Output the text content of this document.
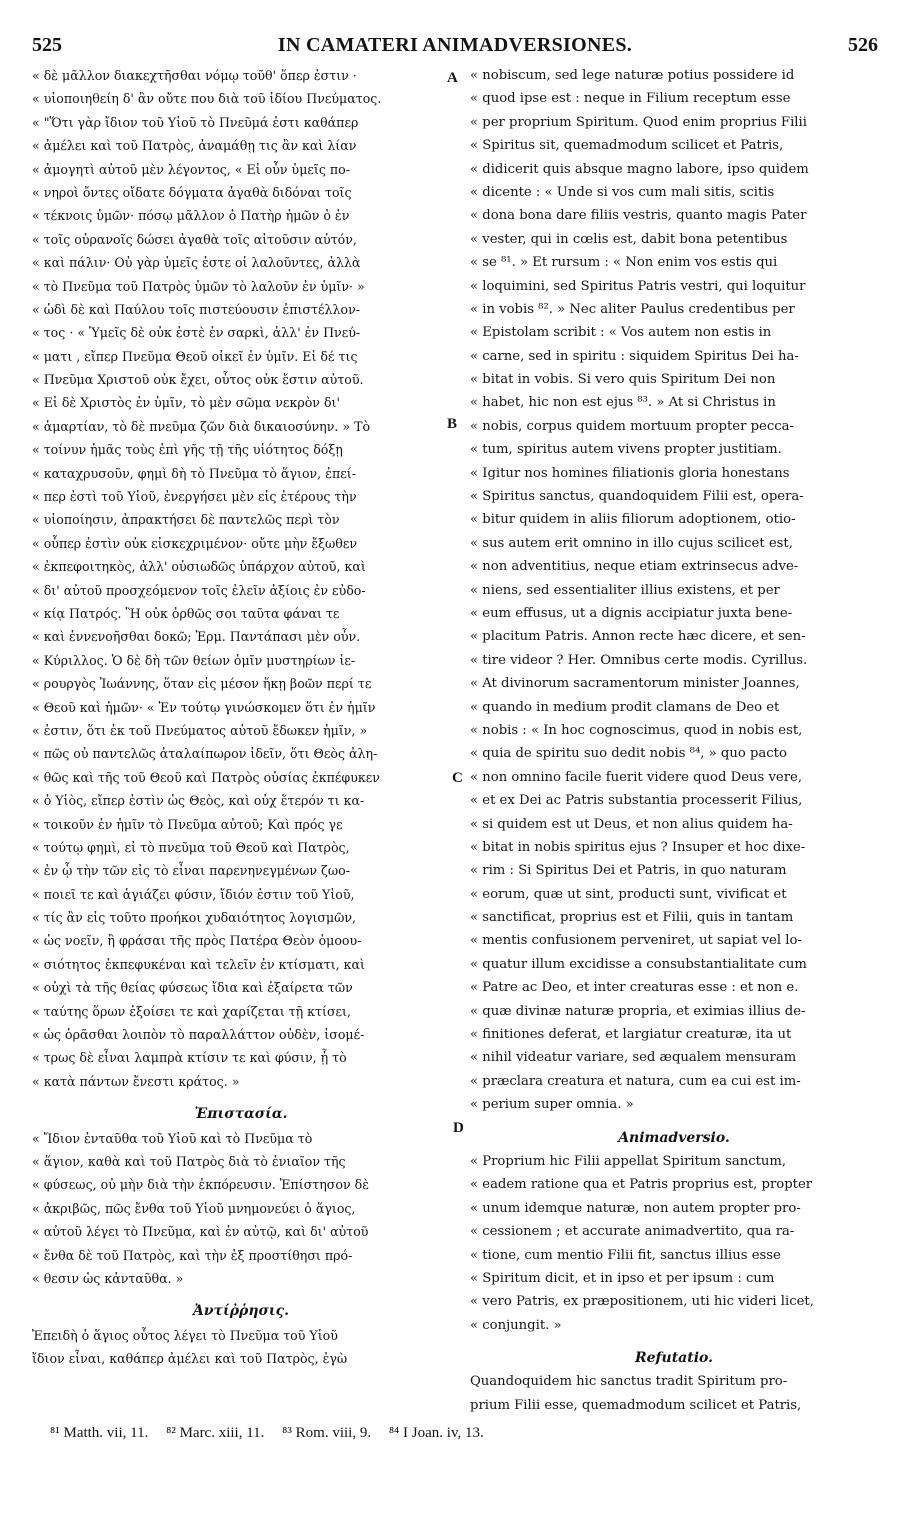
525	IN CAMATERI ANIMADVERSIONES.	526
« δὲ μᾶλλον διακεχτῆσθαι νόμῳ τοῦθ' ὅπερ ἐστιν ·
« υἱοποιηθείη δ' ἂν οὔτε που διὰ τοῦ ἰδίου Πνεύματος.
« "Ὅτι γὰρ ἴδιον τοῦ Υἱοῦ τὸ Πνεῦμά ἐστι καθάπερ
« ἀμέλει καὶ τοῦ Πατρὸς, ἀναμάθῃ τις ἂν καὶ λίαν
« ἀμογητὶ αὐτοῦ μὲν λέγοντος, « Εἰ οὖν ὑμεῖς πο-
« νηροὶ ὄντες οἴδατε δόγματα ἀγαθὰ διδόναι τοῖς
« τέκνοις ὑμῶν· πόσῳ μᾶλλον ὁ Πατὴρ ἡμῶν ὁ ἐν
« τοῖς οὐρανοῖς δώσει ἀγαθὰ τοῖς αἰτοῦσιν αὐτόν,
« καὶ πάλιν· Οὐ γὰρ ὑμεῖς ἐστε οἱ λαλοῦντες, ἀλλὰ
« τὸ Πνεῦμα τοῦ Πατρὸς ὑμῶν τὸ λαλοῦν ἐν ὑμῖν· »
« ὡδὶ δὲ καὶ Παύλου τοῖς πιστεύουσιν ἐπιστέλλον-
« τος · « Ὑμεῖς δὲ οὐκ ἐστὲ ἐν σαρκὶ, ἀλλ' ἐν Πνεύ-
« ματι , εἴπερ Πνεῦμα Θεοῦ οἰκεῖ ἐν ὑμῖν. Εἰ δέ τις
« Πνεῦμα Χριστοῦ οὐκ ἔχει, οὗτος οὐκ ἔστιν αὐτοῦ.
« Εἰ δὲ Χριστὸς ἐν ὑμῖν, τὸ μὲν σῶμα νεκρὸν δι'
« ἁμαρτίαν, τὸ δὲ πνεῦμα ζῶν διὰ δικαιοσύνην. » Τὸ
« τοίνυν ἡμᾶς τοὺς ἐπὶ γῆς τῇ τῆς υἱότητος δόξῃ
« καταχρυσοῦν, φημὶ δὴ τὸ Πνεῦμα τὸ ἅγιον, ἐπεί-
« περ ἐστὶ τοῦ Υἱοῦ, ἐνεργήσει μὲν εἰς ἑτέρους τὴν
« υἱοποίησιν, ἀπρακτήσει δὲ παντελῶς περὶ τὸν
« οὗπερ ἐστὶν οὐκ εἰσκεχριμένον· οὔτε μὴν ἔξωθεν
« ἐκπεφοιτηκὸς, ἀλλ' οὐσιωδῶς ὑπάρχον αὐτοῦ, καὶ
« δι' αὐτοῦ προσχεόμενον τοῖς ἐλεῖν ἀξίοις ἐν εὐδο-
« κίᾳ Πατρός. Ἢ οὐκ ὀρθῶς σοι ταῦτα φάναι τε
« καὶ ἐννενοῆσθαι δοκῶ; Ἑρμ. Παντάπασι μὲν οὖν.
« Κύριλλος. Ὁ δὲ δὴ τῶν θείων ὁμῖν μυστηρίων ἱε-
« ρουργὸς Ἰωάννης, ὅταν εἰς μέσον ἥκῃ βοῶν περί τε
« Θεοῦ καὶ ἡμῶν· « Ἐν τούτῳ γινώσκομεν ὅτι ἐν ἡμῖν
« ἐστιν, ὅτι ἐκ τοῦ Πνεύματος αὐτοῦ ἔδωκεν ἡμῖν, »
« πῶς οὐ παντελῶς ἀταλαίπωρον ἰδεῖν, ὅτι Θεὸς ἀλη-
« θῶς καὶ τῆς τοῦ Θεοῦ καὶ Πατρὸς οὐσίας ἐκπέφυκεν
« ὁ Υἱὸς, εἴπερ ἐστὶν ὡς Θεὸς, καὶ οὐχ ἕτερόν τι κα-
« τοικοῦν ἐν ἡμῖν τὸ Πνεῦμα αὐτοῦ; Καὶ πρός γε
« τούτῳ φημὶ, εἰ τὸ πνεῦμα τοῦ Θεοῦ καὶ Πατρὸς,
« ἐν ᾧ τὴν τῶν εἰς τὸ εἶναι παρενηνεγμένων ζωο-
« ποιεῖ τε καὶ ἁγιάζει φύσιν, ἴδιόν ἐστιν τοῦ Υἱοῦ,
« τίς ἂν εἰς τοῦτο προήκοι χυδαιότητος λογισμῶν,
« ὡς νοεῖν, ἢ φράσαι τῆς πρὸς Πατέρα Θεὸν ὁμοου-
« σιότητος ἐκπεφυκέναι καὶ τελεῖν ἐν κτίσματι, καὶ
« οὐχὶ τὰ τῆς θείας φύσεως ἴδια καὶ ἐξαίρετα τῶν
« ταύτης ὅρων ἐξοίσει τε καὶ χαρίζεται τῇ κτίσει,
« ὡς ὁρᾶσθαι λοιπὸν τὸ παραλλάττον οὐδὲν, ἰσομέ-
« τρως δὲ εἶναι λαμπρὰ κτίσιν τε καὶ φύσιν, ᾗ τὸ
« κατὰ πάντων ἔνεστι κράτος. »
Ἐπιστασία.
« Ἴδιον ἐνταῦθα τοῦ Υἱοῦ καὶ τὸ Πνεῦμα τὸ
« ἅγιον, καθὰ καὶ τοῦ Πατρὸς διὰ τὸ ἑνιαῖον τῆς
« φύσεως, οὐ μὴν διὰ τὴν ἐκπόρευσιν. Ἐπίστησον δὲ
« ἀκριβῶς, πῶς ἔνθα τοῦ Υἱοῦ μνημονεύει ὁ ἅγιος,
« αὐτοῦ λέγει τὸ Πνεῦμα, καὶ ἐν αὐτῷ, καὶ δι' αὐτοῦ
« ἔνθα δὲ τοῦ Πατρὸς, καὶ τὴν ἐξ προστίθησι πρό-
« θεσιν ὡς κἀνταῦθα. »
Ἀντίῤῥησις.
Ἐπειδὴ ὁ ἅγιος οὗτος λέγει τὸ Πνεῦμα τοῦ Υἱοῦ
ἴδιον εἶναι, καθάπερ ἀμέλει καὶ τοῦ Πατρὸς, ἐγὼ
« nobiscum, sed lege naturæ potius possidere id
« quod ipse est : neque in Filium receptum esse
« per proprium Spiritum. Quod enim proprius Filii
« Spiritus sit, quemadmodum scilicet et Patris,
« didicerit quis absque magno labore, ipso quidem
« dicente : « Unde si vos cum mali sitis, scitis
« dona bona dare filiis vestris, quanto magis Pater
« vester, qui in cœlis est, dabit bona petentibus
« se ⁸¹. » Et rursum : « Non enim vos estis qui
« loquimini, sed Spiritus Patris vestri, qui loquitur
« in vobis ⁸². » Nec aliter Paulus credentibus per
« Epistolam scribit : « Vos autem non estis in
« carne, sed in spiritu : siquidem Spiritus Dei ha-
« bitat in vobis. Si vero quis Spiritum Dei non
« habet, hic non est ejus ⁸³. » At si Christus in
« nobis, corpus quidem mortuum propter pecca-
« tum, spiritus autem vivens propter justitiam.
« Igitur nos homines filiationis gloria honestans
« Spiritus sanctus, quandoquidem Filii est, opera-
« bitur quidem in aliis filiorum adoptionem, otio-
« sus autem erit omnino in illo cujus scilicet est,
« non adventitius, neque etiam extrinsecus adve-
« niens, sed essentialiter illius existens, et per
« eum effusus, ut a dignis accipiatur juxta bene-
« placitum Patris. Annon recte hæc dicere, et sen-
« tire videor ? Her. Omnibus certe modis. Cyrillus.
« At divinorum sacramentorum minister Joannes,
« quando in medium prodit clamans de Deo et
« nobis : « In hoc cognoscimus, quod in nobis est,
« quia de spiritu suo dedit nobis ⁸⁴, » quo pacto
« non omnino facile fuerit videre quod Deus vere,
« et ex Dei ac Patris substantia processerit Filius,
« si quidem est ut Deus, et non alius quidem ha-
« bitat in nobis spiritus ejus ? Insuper et hoc dixe-
« rim : Si Spiritus Dei et Patris, in quo naturam
« eorum, quæ ut sint, producti sunt, vivificat et
« sanctificat, proprius est et Filii, quis in tantam
« mentis confusionem perveniret, ut sapiat vel lo-
« quatur illum excidisse a consubstantialitate cum
« Patre ac Deo, et inter creaturas esse : et non e.
« quæ divinæ naturæ propria, et eximias illius de-
« finitiones deferat, et largiatur creaturæ, ita ut
« nihil videatur variare, sed æqualem mensuram
« præclara creatura et natura, cum ea cui est im-
« perium super omnia. »
Animadversio.
« Proprium hic Filii appellat Spiritum sanctum,
« eadem ratione qua et Patris proprius est, propter
« unum idemque naturæ, non autem propter pro-
« cessionem ; et accurate animadvertito, qua ra-
« tione, cum mentio Filii fit, sanctus illius esse
« Spiritum dicit, et in ipso et per ipsum : cum
« vero Patris, ex præpositionem, uti hic videri licet,
« conjungit. »
Refutatio.
Quandoquidem hic sanctus tradit Spiritum pro-
prium Filii esse, quemadmodum scilicet et Patris,
A
B
C
D
⁸¹ Matth. vii, 11. ⁸² Marc. xiii, 11. ⁸³ Rom. viii, 9. ⁸⁴ I Joan. iv, 13.
